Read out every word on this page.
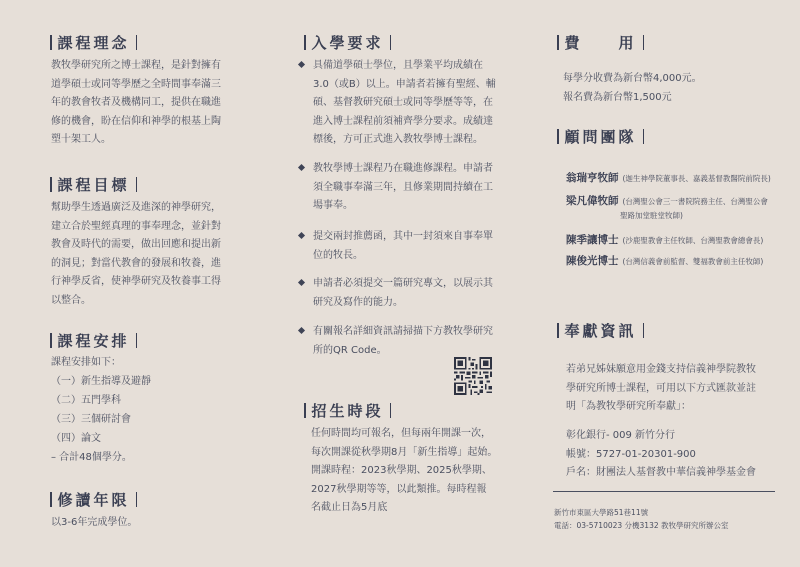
課程理念
教牧學研究所之博士課程，是針對擁有
道學碩士或同等學歷之全時間事奉滿三
年的教會牧者及機構同工，提供在職進
修的機會，盼在信仰和神學的根基上陶
塑十架工人。
課程目標
幫助學生透過廣泛及進深的神學研究，
建立合於聖經真理的事奉理念，並針對
教會及時代的需要，做出回應和提出新
的洞見；對當代教會的發展和牧養，進
行神學反省，使神學研究及牧養事工得
以整合。
課程安排
課程安排如下：
（一）新生指導及避靜
（二）五門學科
（三）三個研討會
（四）論文
– 合計48個學分。
修讀年限
以3-6年完成學位。
入學要求
具備道學碩士學位，且學業平均成績在
3.0（或B）以上。申請者若擁有聖經、輔
碩、基督教研究碩士或同等學歷等等，在
進入博士課程前須補齊學分要求。成績達
標後，方可正式進入教牧學博士課程。
教牧學博士課程乃在職進修課程。申請者
須全職事奉滿三年，且修業期間持續在工
場事奉。
提交兩封推薦函，其中一封須來自事奉單
位的牧長。
申請者必須提交一篇研究專文，以展示其
研究及寫作的能力。
有關報名詳細資訊請掃描下方教牧學研究
所的QR Code。
招生時段
任何時間均可報名，但每兩年開課一次，
每次開課從秋學期8月「新生指導」起始。
開課時程：2023秋學期、2025秋學期、
2027秋學期等等，以此類推。每時程報
名截止日為5月底
費　　用
每學分收費為新台幣4,000元。
報名費為新台幣1,500元
顧問團隊
翁瑞亨牧師 (迦生神學院董事長、嘉義基督教醫院前院長)
梁凡偉牧師 (台灣聖公會三一書院院務主任、台灣聖公會
聖路加堂駐堂牧師)
陳季讓博士 (沙鹿聖教會主任牧師、台灣聖教會總會長)
陳俊光博士 (台灣信義會前監督、雙福教會前主任牧師)
奉獻資訊
若弟兄姊妹願意用金錢支持信義神學院教牧
學研究所博士課程，可用以下方式匯款並註
明「為教牧學研究所奉獻」：
彰化銀行- 009 新竹分行
帳號：5727-01-20301-900
戶名：財團法人基督教中華信義神學基金會
新竹市東區大學路51巷11號
電話：03-5710023 分機3132 教牧學研究所辦公室
